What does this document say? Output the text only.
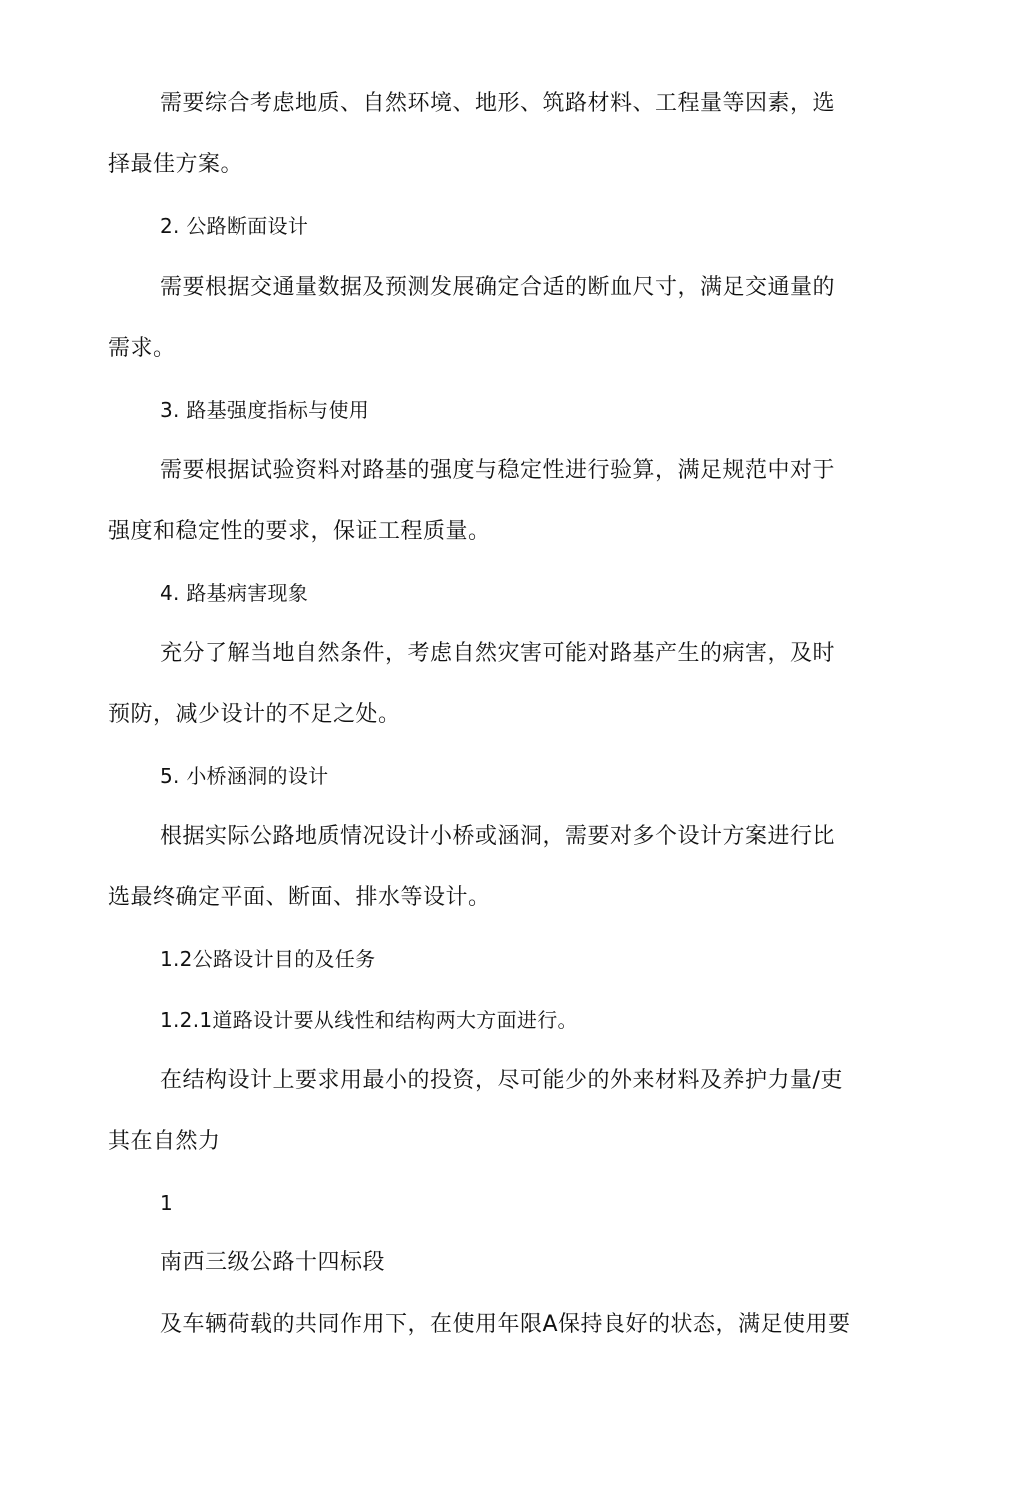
需要综合考虑地质、自然环境、地形、筑路材料、工程量等因素，选
择最佳方案。
2. 公路断面设计
需要根据交通量数据及预测发展确定合适的断血尺寸，满足交通量的
需求。
3. 路基强度指标与使用
需要根据试验资料对路基的强度与稳定性进行验算，满足规范中对于
强度和稳定性的要求，保证工程质量。
4. 路基病害现象
充分了解当地自然条件，考虑自然灾害可能对路基产生的病害，及时
预防，减少设计的不足之处。
5. 小桥涵洞的设计
根据实际公路地质情况设计小桥或涵洞，需要对多个设计方案进行比
选最终确定平面、断面、排水等设计。
1.2公路设计目的及任务
1.2.1道路设计要从线性和结构两大方面进行。
在结构设计上要求用最小的投资，尽可能少的外来材料及养护力量/吏
其在自然力
1
南西三级公路十四标段
及车辆荷载的共同作用下，在使用年限A保持良好的状态，满足使用要
